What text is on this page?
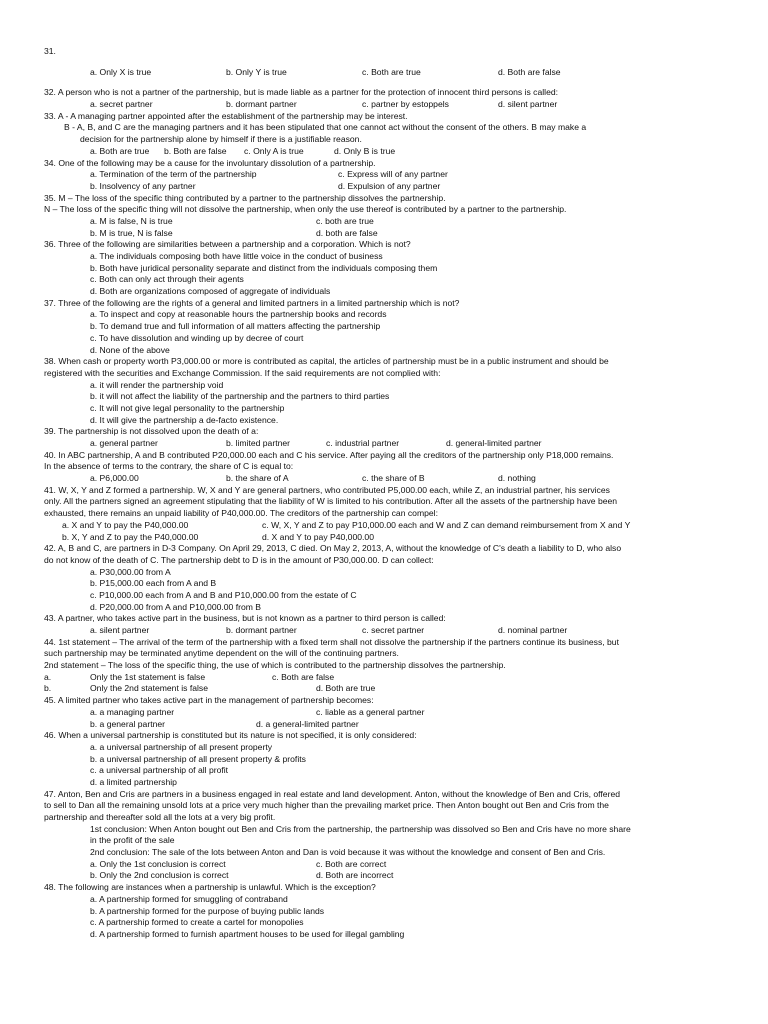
31.
a. Only X is true	b. Only Y is true	c. Both are true	d. Both are false
32. A person who is not a partner of the partnership, but is made liable as a partner for the protection of innocent third persons is called:
a. secret partner	b. dormant partner	c. partner by estoppels	d. silent partner
33. A - A managing partner appointed after the establishment of the partnership may be interest.
B - A, B, and C are the managing partners and it has been stipulated that one cannot act without the consent of the others. B may make a
decision for the partnership alone by himself if there is a justifiable reason.
a. Both are true b. Both are false c. Only A is true	d. Only B is true
34. One of the following may be a cause for the involuntary dissolution of a partnership.
a. Termination of the term of the partnership	c. Express will of any partner
b. Insolvency of any partner	d. Expulsion of any partner
35. M – The loss of the specific thing contributed by a partner to the partnership dissolves the partnership.
N – The loss of the specific thing will not dissolve the partnership, when only the use thereof is contributed by a partner to the partnership.
a. M is false, N is true	c. both are true
b. M is true, N is false	d. both are false
36. Three of the following are similarities between a partnership and a corporation. Which is not?
a. The individuals composing both have little voice in the conduct of business
b. Both have juridical personality separate and distinct from the individuals composing them
c. Both can only act through their agents
d. Both are organizations composed of aggregate of individuals
37. Three of the following are the rights of a general and limited partners in a limited partnership which is not?
a. To inspect and copy at reasonable hours the partnership books and records
b. To demand true and full information of all matters affecting the partnership
c. To have dissolution and winding up by decree of court
d. None of the above
38. When cash or property worth P3,000.00 or more is contributed as capital, the articles of partnership must be in a public instrument and should be
registered with the securities and Exchange Commission. If the said requirements are not complied with:
a. it will render the partnership void
b. it will not affect the liability of the partnership and the partners to third parties
c. It will not give legal personality to the partnership
d. It will give the partnership a de-facto existence.
39. The partnership is not dissolved upon the death of a:
a. general partner	b. limited partner	c. industrial partner	d. general-limited partner
40. In ABC partnership, A and B contributed P20,000.00 each and C his service. After paying all the creditors of the partnership only P18,000 remains.
In the absence of terms to the contrary, the share of C is equal to:
a. P6,000.00	b. the share of A	c. the share of B	d. nothing
41. W, X, Y and Z formed a partnership. W, X and Y are general partners, who contributed P5,000.00 each, while Z, an industrial partner, his services
only. All the partners signed an agreement stipulating that the liability of W is limited to his contribution. After all the assets of the partnership have been
exhausted, there remains an unpaid liability of P40,000.00. The creditors of the partnership can compel:
a. X and Y to pay the P40,000.00	c. W, X, Y and Z to pay P10,000.00 each and W and Z can demand reimbursement from X and Y
b. X, Y and Z to pay the P40,000.00	d. X and Y to pay P40,000.00
42. A, B and C, are partners in D-3 Company. On April 29, 2013, C died. On May 2, 2013, A, without the knowledge of C's death a liability to D, who also
do not know of the death of C. The partnership debt to D is in the amount of P30,000.00. D can collect:
a. P30,000.00 from A
b. P15,000.00 each from A and B
c. P10,000.00 each from A and B and P10,000.00 from the estate of C
d. P20,000.00 from A and P10,000.00 from B
43. A partner, who takes active part in the business, but is not known as a partner to third person is called:
a. silent partner	b. dormant partner	c. secret partner	d. nominal partner
44. 1st statement – The arrival of the term of the partnership with a fixed term shall not dissolve the partnership if the partners continue its business, but
such partnership may be terminated anytime dependent on the will of the continuing partners.
2nd statement – The loss of the specific thing, the use of which is contributed to the partnership dissolves the partnership.
a.	Only the 1st statement is false	c. Both are false
b.	Only the 2nd statement is false	d. Both are true
45. A limited partner who takes active part in the management of partnership becomes:
a. a managing partner	c. liable as a general partner
b. a general partner	d. a general-limited partner
46. When a universal partnership is constituted but its nature is not specified, it is only considered:
a. a universal partnership of all present property
b. a universal partnership of all present property & profits
c. a universal partnership of all profit
d. a limited partnership
47. Anton, Ben and Cris are partners in a business engaged in real estate and land development. Anton, without the knowledge of Ben and Cris, offered
to sell to Dan all the remaining unsold lots at a price very much higher than the prevailing market price. Then Anton bought out Ben and Cris from the
partnership and thereafter sold all the lots at a very big profit.
1st conclusion: When Anton bought out Ben and Cris from the partnership, the partnership was dissolved so Ben and Cris have no more share
in the profit of the sale
2nd conclusion: The sale of the lots between Anton and Dan is void because it was without the knowledge and consent of Ben and Cris.
a. Only the 1st conclusion is correct	c. Both are correct
b. Only the 2nd conclusion is correct	d. Both are incorrect
48. The following are instances when a partnership is unlawful. Which is the exception?
a. A partnership formed for smuggling of contraband
b. A partnership formed for the purpose of buying public lands
c. A partnership formed to create a cartel for monopolies
d. A partnership formed to furnish apartment houses to be used for illegal gambling
